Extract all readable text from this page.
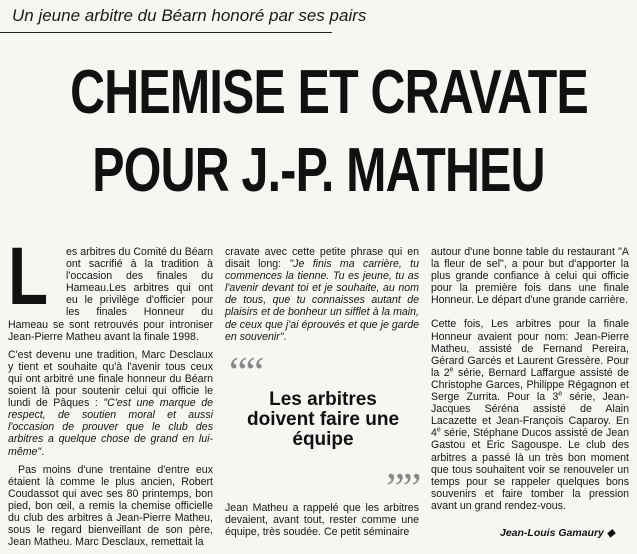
Un jeune arbitre du Béarn honoré par ses pairs
CHEMISE ET CRAVATE
POUR J.-P. MATHEU

L es arbitres du Comité du Béarn ont sacrifié à la tradition à l'occasion des finales du Hameau.Les arbitres qui ont eu le privilège d'officier pour les finales Honneur du Hameau se sont retrouvés pour introniser Jean-Pierre Matheu avant la finale 1998.

C'est devenu une tradition, Marc Desclaux y tient et souhaite qu'à l'avenir tous ceux qui ont arbitré une finale honneur du Béarn soient là pour soutenir celui qui officie le lundi de Pâques : "C'est une marque de respect, de soutien moral et aussi l'occasion de prouver que le club des arbitres a quelque chose de grand en lui-même".

Pas moins d'une trentaine d'entre eux étaient là comme le plus ancien, Robert Coudassot qui avec ses 80 printemps, bon pied, bon œil, a remis la chemise officielle du club des arbitres à Jean-Pierre Matheu, sous le regard bienveillant de son père, Jean Matheu. Marc Desclaux, remettait la

cravate avec cette petite phrase qui en disait long: "Je finis ma carrière, tu commences la tienne. Tu es jeune, tu as l'avenir devant toi et je souhaite, au nom de tous, que tu connaisses autant de plaisirs et de bonheur un sifflet à la main, de ceux que j'ai éprouvés et que je garde en souvenir".

““
Les arbitres doivent faire une équipe
””
Jean Matheu a rappelé que les arbitres devaient, avant tout, rester comme une équipe, très soudée. Ce petit séminaire

autour d'une bonne table du restaurant "A la fleur de sel", a pour but d'apporter la plus grande confiance à celui qui officie pour la première fois dans une finale Honneur. Le départ d'une grande carrière.

Cette fois, Les arbitres pour la finale Honneur avaient pour nom: Jean-Pierre Matheu, assisté de Fernand Pereira, Gérard Garcés et Laurent Gressère. Pour la 2e série, Bernard Laffargue assisté de Christophe Garces, Philippe Régagnon et Serge Zurrita. Pour la 3e série, Jean-Jacques Séréna assisté de Alain Lacazette et Jean-François Caparoy. En 4e série, Stéphane Ducos assisté de Jean Gastou et Eric Sagouspe. Le club des arbitres a passé là un très bon moment que tous souhaitent voir se renouveler un temps pour se rappeler quelques bons souvenirs et faire tomber la pression avant un grand rendez-vous.

Jean-Louis Gamaury ◆
